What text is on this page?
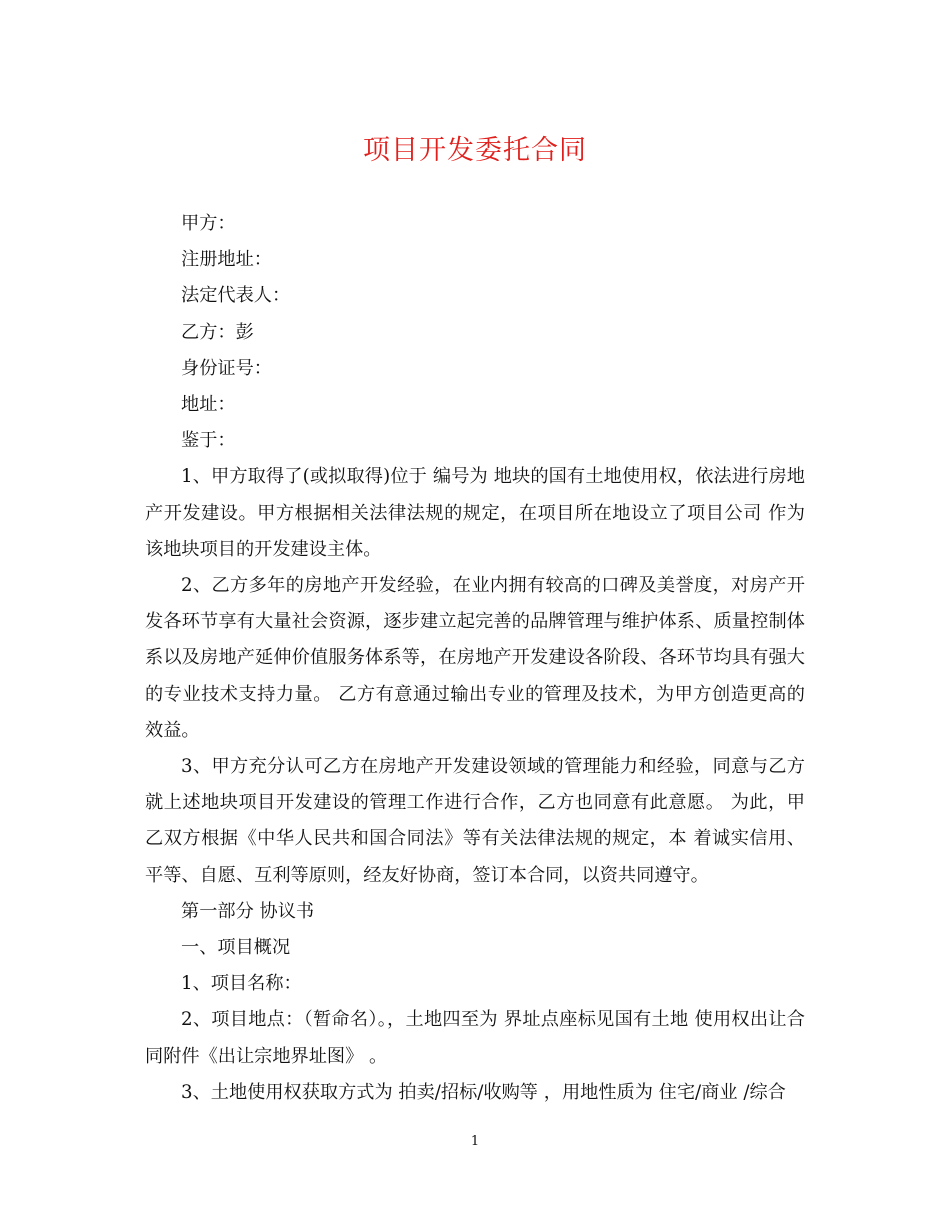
项目开发委托合同

甲方：

注册地址：

法定代表人：

乙方：彭

身份证号：

地址：

鉴于：

1、甲方取得了(或拟取得)位于 编号为 地块的国有土地使用权，依法进行房地产开发建设。甲方根据相关法律法规的规定，在项目所在地设立了项目公司 作为该地块项目的开发建设主体。

2、乙方多年的房地产开发经验，在业内拥有较高的口碑及美誉度，对房产开发各环节享有大量社会资源，逐步建立起完善的品牌管理与维护体系、质量控制体系以及房地产延伸价值服务体系等，在房地产开发建设各阶段、各环节均具有强大的专业技术支持力量。 乙方有意通过输出专业的管理及技术，为甲方创造更高的效益。

3、甲方充分认可乙方在房地产开发建设领域的管理能力和经验，同意与乙方就上述地块项目开发建设的管理工作进行合作，乙方也同意有此意愿。 为此，甲乙双方根据《中华人民共和国合同法》等有关法律法规的规定，本 着诚实信用、平等、自愿、互利等原则，经友好协商，签订本合同，以资共同遵守。

第一部分 协议书

一、项目概况

1、项目名称：

2、项目地点：（暂命名）。，土地四至为 界址点座标见国有土地 使用权出让合同附件《出让宗地界址图》 。

3、土地使用权获取方式为 拍卖/招标/收购等 ，用地性质为 住宅/商业 /综合

1
